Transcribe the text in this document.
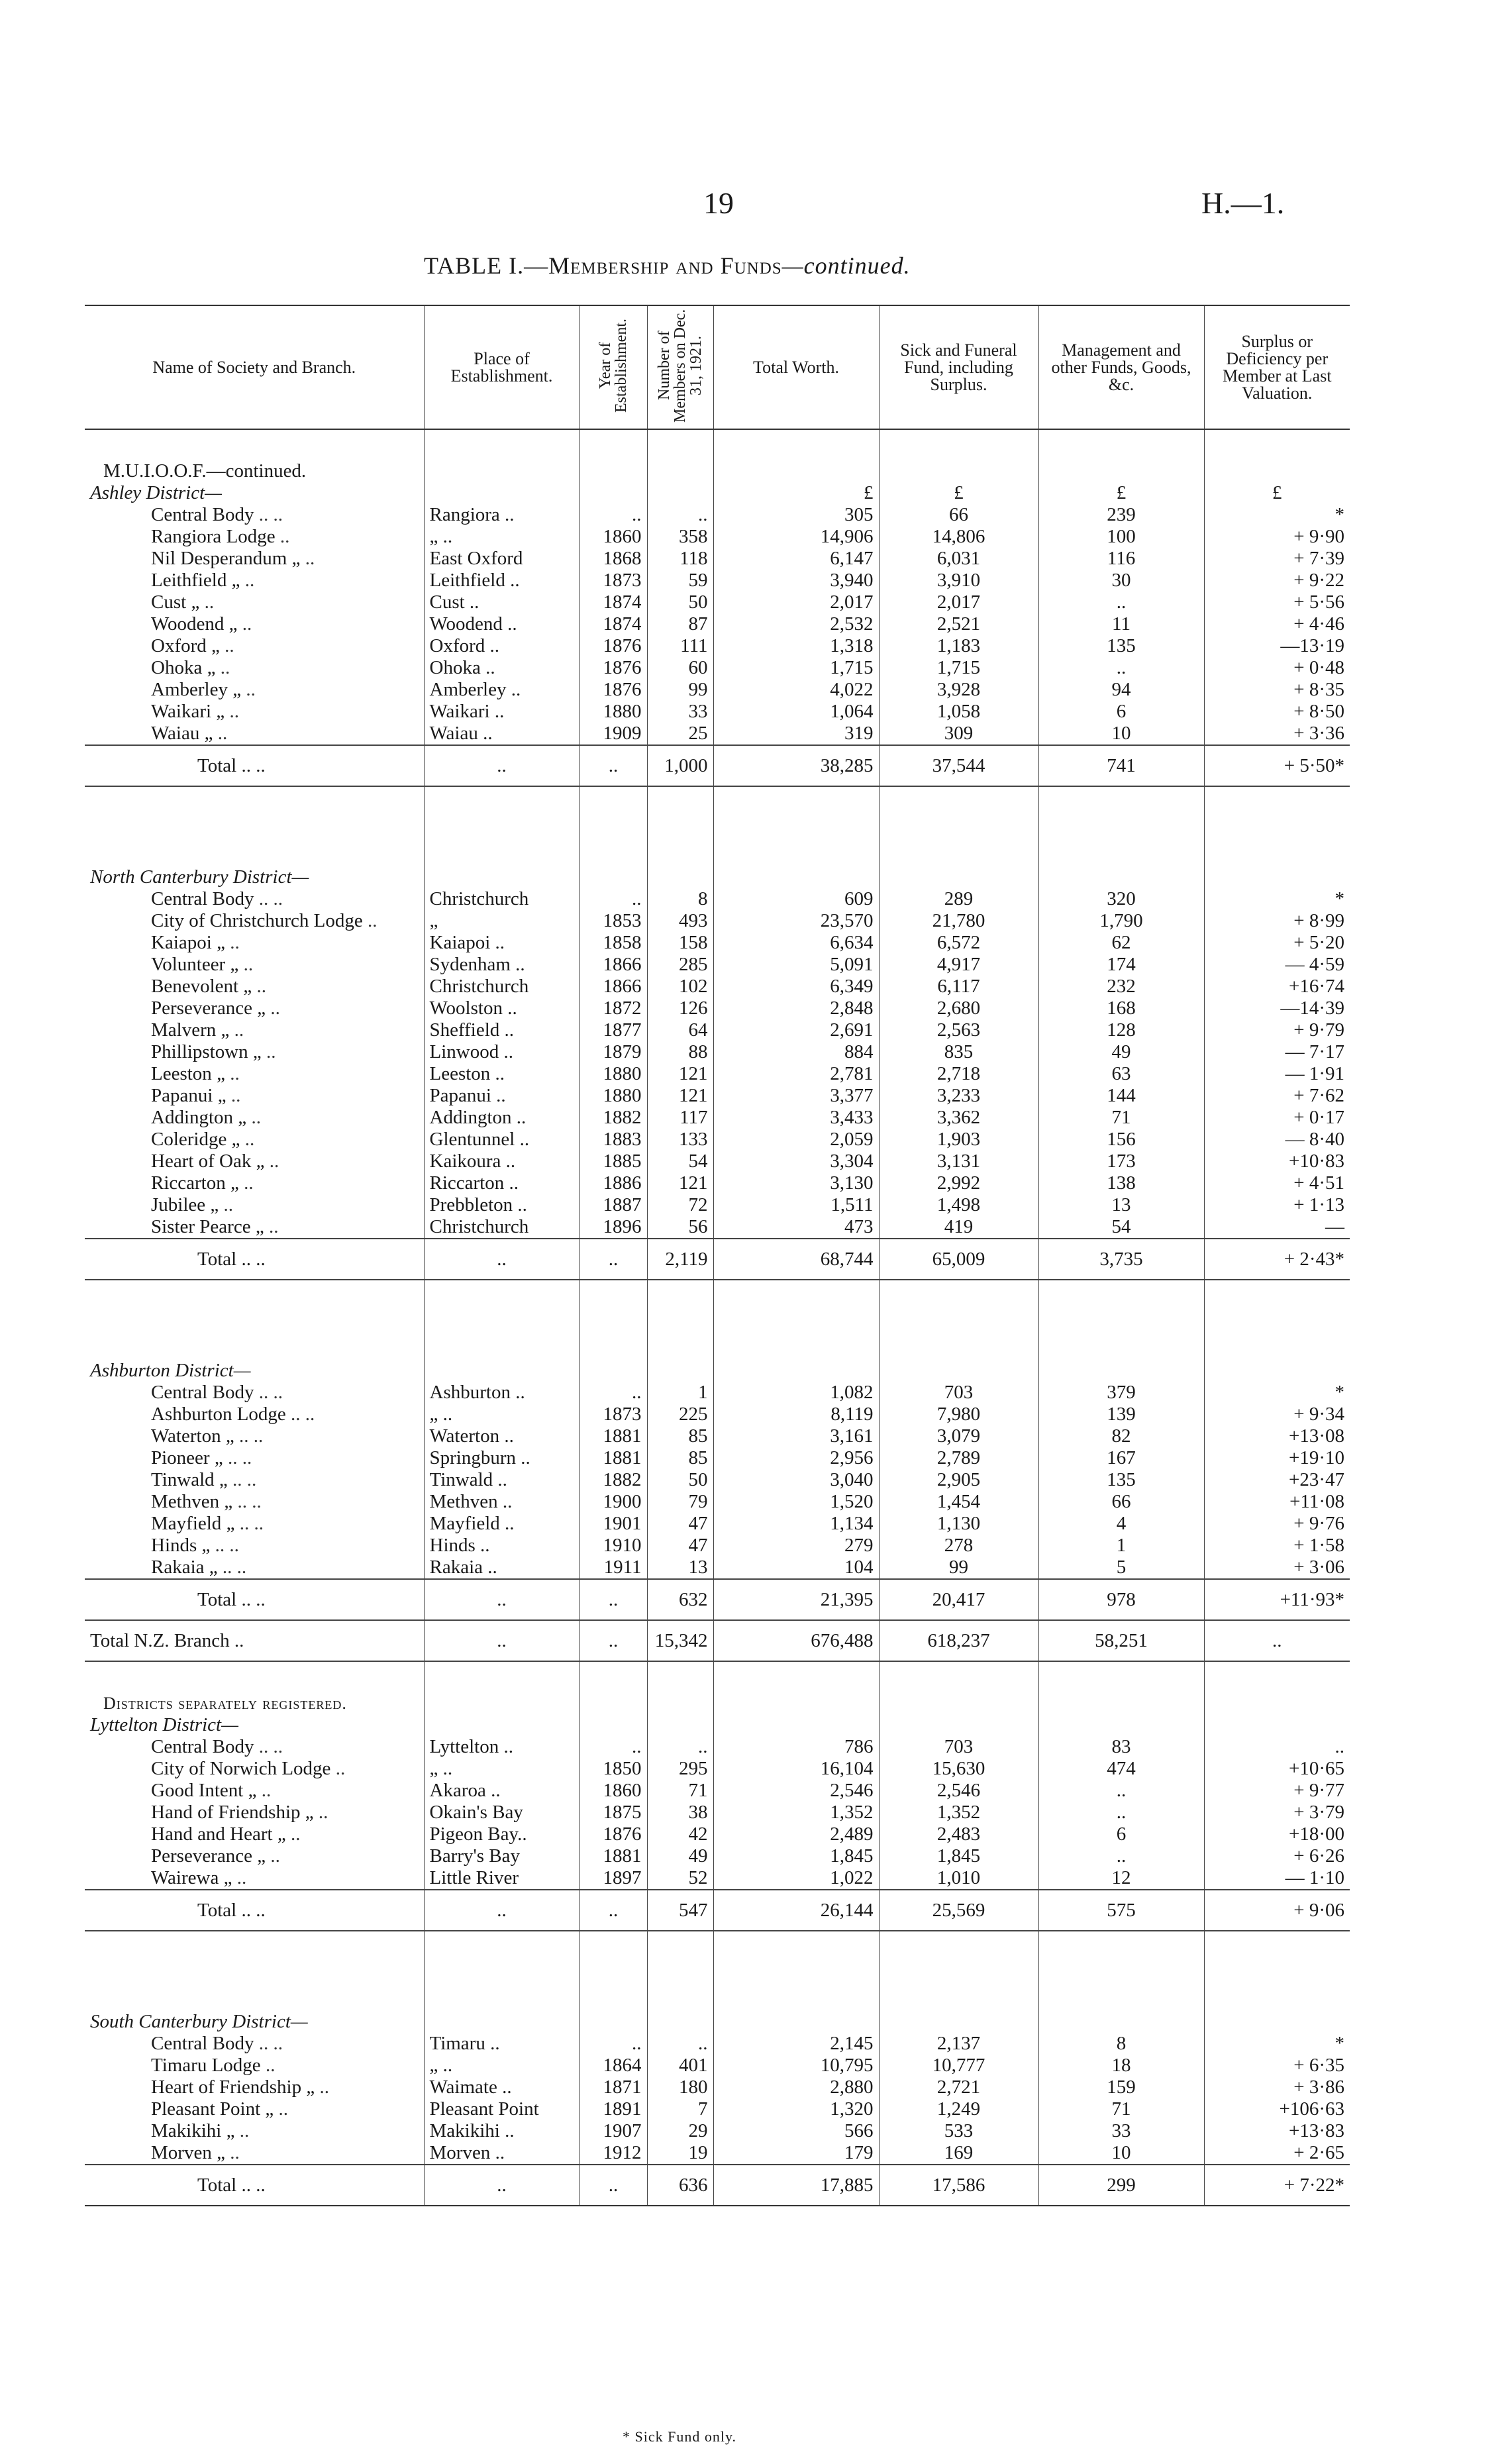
19	H.—1.
TABLE I.—Membership and Funds—continued.
Name of Society and Branch.	Place of Establishment.	Year of Establishment.	Number of Members on Dec. 31, 1921.	Total Worth.	Sick and Funeral Fund, including Surplus.	Management and other Funds, Goods, &c.	Surplus or Deficiency per Member at Last Valuation.

M.U.I.O.O.F.—continued.							
Ashley District—				£	£	£	£
Central Body .. ..	Rangiora ..	..	..	305	66	239	*
Rangiora Lodge ..	„ ..	1860	358	14,906	14,806	100	+ 9·90
Nil Desperandum „ ..	East Oxford	1868	118	6,147	6,031	116	+ 7·39
Leithfield „ ..	Leithfield ..	1873	59	3,940	3,910	30	+ 9·22
Cust „ ..	Cust ..	1874	50	2,017	2,017	..	+ 5·56
Woodend „ ..	Woodend ..	1874	87	2,532	2,521	11	+ 4·46
Oxford „ ..	Oxford ..	1876	111	1,318	1,183	135	—13·19
Ohoka „ ..	Ohoka ..	1876	60	1,715	1,715	..	+ 0·48
Amberley „ ..	Amberley ..	1876	99	4,022	3,928	94	+ 8·35
Waikari „ ..	Waikari ..	1880	33	1,064	1,058	6	+ 8·50
Waiau „ ..	Waiau ..	1909	25	319	309	10	+ 3·36
Total .. ..	..	..	1,000	38,285	37,544	741	+ 5·50*

North Canterbury District—							
Central Body .. ..	Christchurch	..	8	609	289	320	*
City of Christchurch Lodge ..	„	1853	493	23,570	21,780	1,790	+ 8·99
Kaiapoi „ ..	Kaiapoi ..	1858	158	6,634	6,572	62	+ 5·20
Volunteer „ ..	Sydenham ..	1866	285	5,091	4,917	174	— 4·59
Benevolent „ ..	Christchurch	1866	102	6,349	6,117	232	+16·74
Perseverance „ ..	Woolston ..	1872	126	2,848	2,680	168	—14·39
Malvern „ ..	Sheffield ..	1877	64	2,691	2,563	128	+ 9·79
Phillipstown „ ..	Linwood ..	1879	88	884	835	49	— 7·17
Leeston „ ..	Leeston ..	1880	121	2,781	2,718	63	— 1·91
Papanui „ ..	Papanui ..	1880	121	3,377	3,233	144	+ 7·62
Addington „ ..	Addington ..	1882	117	3,433	3,362	71	+ 0·17
Coleridge „ ..	Glentunnel ..	1883	133	2,059	1,903	156	— 8·40
Heart of Oak „ ..	Kaikoura ..	1885	54	3,304	3,131	173	+10·83
Riccarton „ ..	Riccarton ..	1886	121	3,130	2,992	138	+ 4·51
Jubilee „ ..	Prebbleton ..	1887	72	1,511	1,498	13	+ 1·13
Sister Pearce „ ..	Christchurch	1896	56	473	419	54	—
Total .. ..	..	..	2,119	68,744	65,009	3,735	+ 2·43*

Ashburton District—							
Central Body .. ..	Ashburton ..	..	1	1,082	703	379	*
Ashburton Lodge .. ..	„ ..	1873	225	8,119	7,980	139	+ 9·34
Waterton „ .. ..	Waterton ..	1881	85	3,161	3,079	82	+13·08
Pioneer „ .. ..	Springburn ..	1881	85	2,956	2,789	167	+19·10
Tinwald „ .. ..	Tinwald ..	1882	50	3,040	2,905	135	+23·47
Methven „ .. ..	Methven ..	1900	79	1,520	1,454	66	+11·08
Mayfield „ .. ..	Mayfield ..	1901	47	1,134	1,130	4	+ 9·76
Hinds „ .. ..	Hinds ..	1910	47	279	278	1	+ 1·58
Rakaia „ .. ..	Rakaia ..	1911	13	104	99	5	+ 3·06
Total .. ..	..	..	632	21,395	20,417	978	+11·93*
Total N.Z. Branch ..	..	..	15,342	676,488	618,237	58,251	..

Districts separately registered.							
Lyttelton District—							
Central Body .. ..	Lyttelton ..	..	..	786	703	83	..
City of Norwich Lodge ..	„ ..	1850	295	16,104	15,630	474	+10·65
Good Intent „ ..	Akaroa ..	1860	71	2,546	2,546	..	+ 9·77
Hand of Friendship „ ..	Okain's Bay	1875	38	1,352	1,352	..	+ 3·79
Hand and Heart „ ..	Pigeon Bay..	1876	42	2,489	2,483	6	+18·00
Perseverance „ ..	Barry's Bay	1881	49	1,845	1,845	..	+ 6·26
Wairewa „ ..	Little River	1897	52	1,022	1,010	12	— 1·10
Total .. ..	..	..	547	26,144	25,569	575	+ 9·06

South Canterbury District—							
Central Body .. ..	Timaru ..	..	..	2,145	2,137	8	*
Timaru Lodge ..	„ ..	1864	401	10,795	10,777	18	+ 6·35
Heart of Friendship „ ..	Waimate ..	1871	180	2,880	2,721	159	+ 3·86
Pleasant Point „ ..	Pleasant Point	1891	7	1,320	1,249	71	+106·63
Makikihi „ ..	Makikihi ..	1907	29	566	533	33	+13·83
Morven „ ..	Morven ..	1912	19	179	169	10	+ 2·65
Total .. ..	..	..	636	17,885	17,586	299	+ 7·22*
* Sick Fund only.
